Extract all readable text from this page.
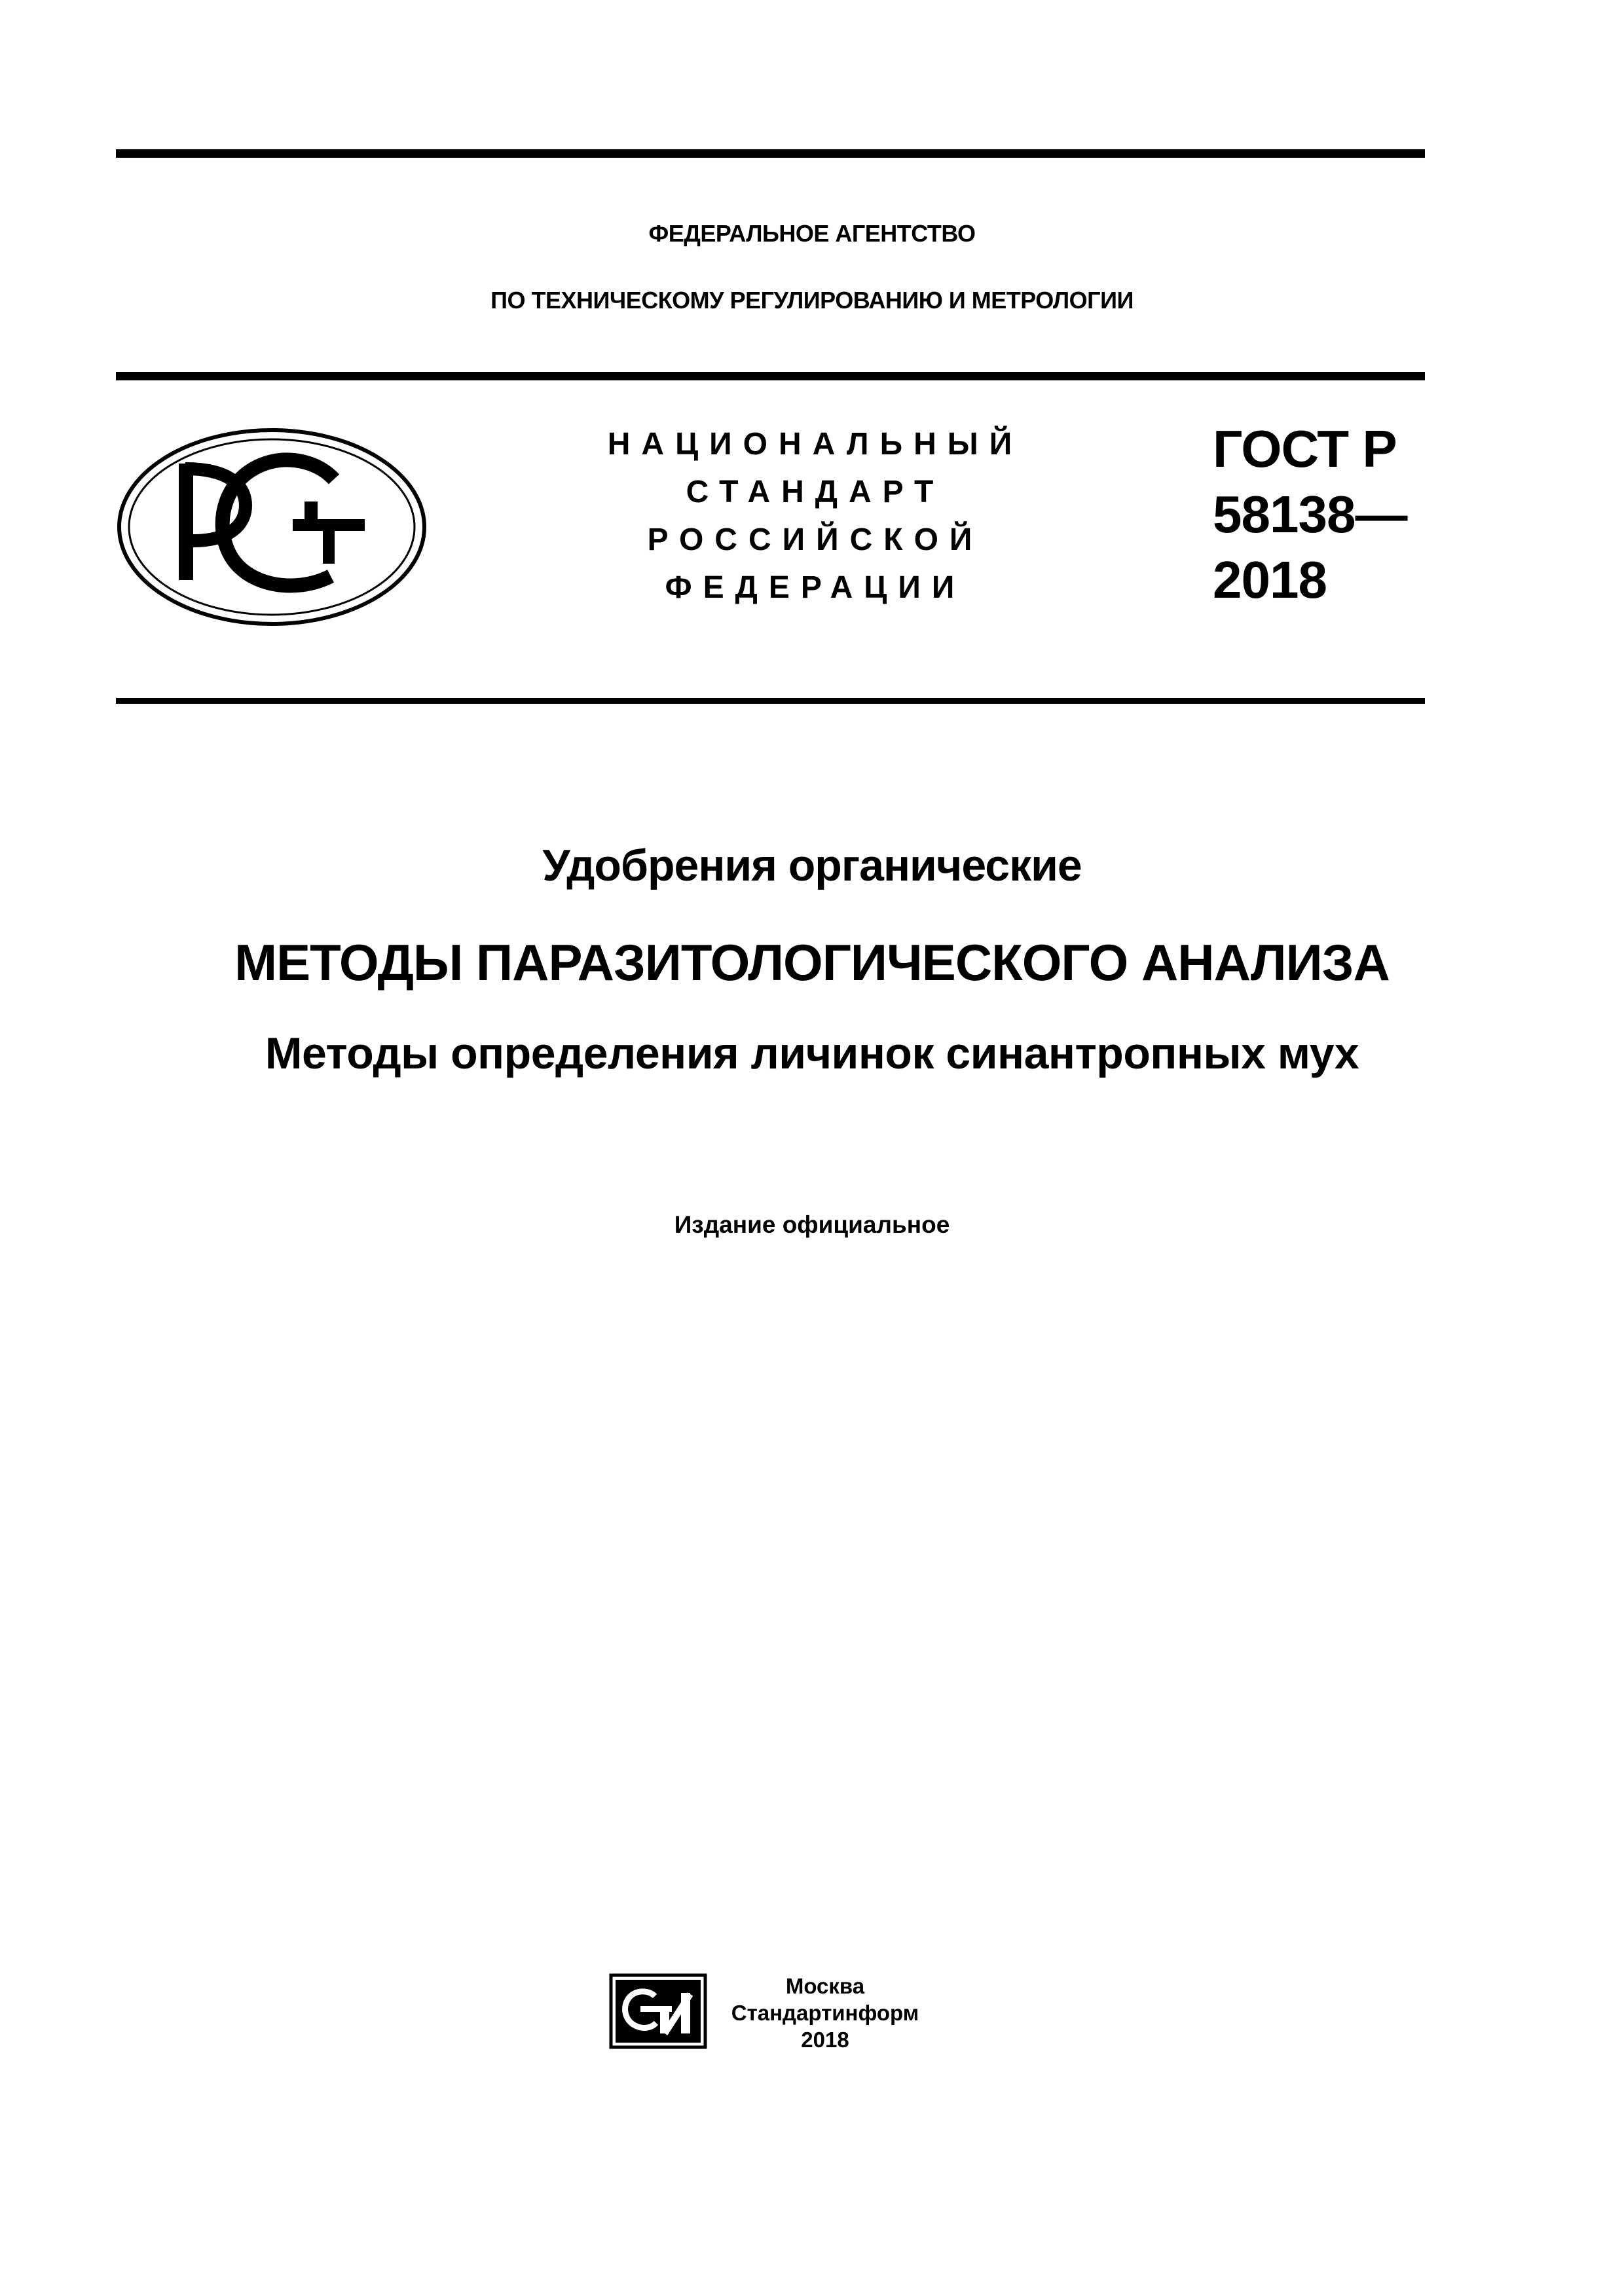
ФЕДЕРАЛЬНОЕ АГЕНТСТВО
ПО ТЕХНИЧЕСКОМУ РЕГУЛИРОВАНИЮ И МЕТРОЛОГИИ
НАЦИОНАЛЬНЫЙ
СТАНДАРТ
РОССИЙСКОЙ
ФЕДЕРАЦИИ
ГОСТ Р
58138—
2018
Удобрения органические
МЕТОДЫ ПАРАЗИТОЛОГИЧЕСКОГО АНАЛИЗА
Методы определения личинок синантропных мух
Издание официальное
Москва
Стандартинформ
2018
